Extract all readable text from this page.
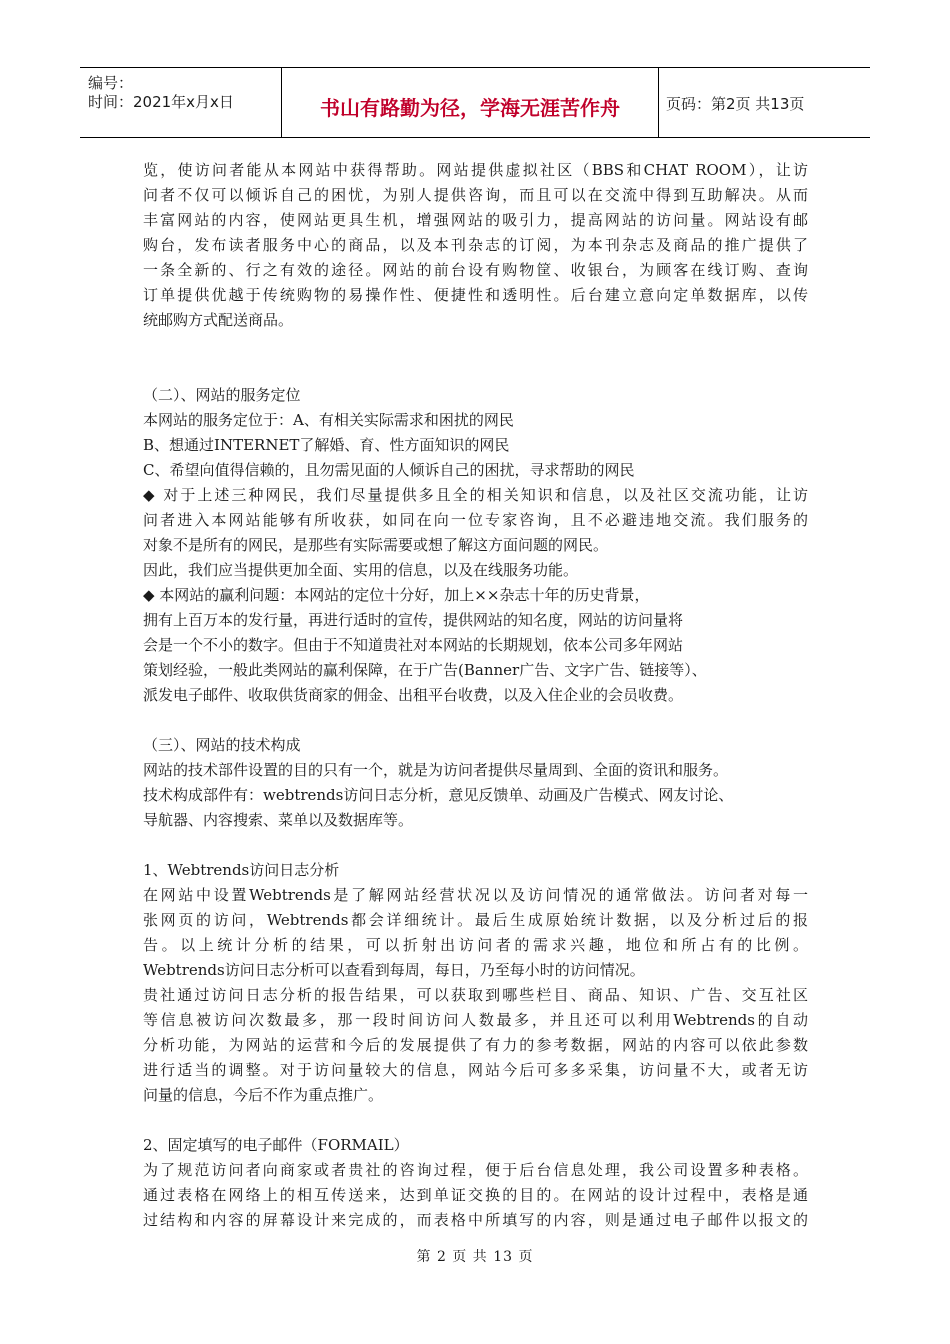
编号：
时间：2021年x月x日	书山有路勤为径，学海无涯苦作舟	页码：第2页 共13页
览，使访问者能从本网站中获得帮助。网站提供虚拟社区（BBS和CHAT ROOM），让访
问者不仅可以倾诉自己的困忧，为别人提供咨询，而且可以在交流中得到互助解决。从而
丰富网站的内容，使网站更具生机，增强网站的吸引力，提高网站的访问量。网站设有邮
购台，发布读者服务中心的商品，以及本刊杂志的订阅，为本刊杂志及商品的推广提供了
一条全新的、行之有效的途径。网站的前台设有购物筐、收银台，为顾客在线订购、查询
订单提供优越于传统购物的易操作性、便捷性和透明性。后台建立意向定单数据库，以传
统邮购方式配送商品。
（二）、网站的服务定位
本网站的服务定位于：A、有相关实际需求和困扰的网民
B、想通过INTERNET了解婚、育、性方面知识的网民
C、希望向值得信赖的，且勿需见面的人倾诉自己的困扰，寻求帮助的网民
◆ 对于上述三种网民，我们尽量提供多且全的相关知识和信息，以及社区交流功能，让访
问者进入本网站能够有所收获，如同在向一位专家咨询，且不必避违地交流。我们服务的
对象不是所有的网民，是那些有实际需要或想了解这方面问题的网民。
因此，我们应当提供更加全面、实用的信息，以及在线服务功能。
◆ 本网站的赢利问题：本网站的定位十分好，加上××杂志十年的历史背景，
拥有上百万本的发行量，再进行适时的宣传，提供网站的知名度，网站的访问量将
会是一个不小的数字。但由于不知道贵社对本网站的长期规划，依本公司多年网站
策划经验，一般此类网站的赢利保障，在于广告(Banner广告、文字广告、链接等）、
派发电子邮件、收取供货商家的佣金、出租平台收费，以及入住企业的会员收费。
（三）、网站的技术构成
网站的技术部件设置的目的只有一个，就是为访问者提供尽量周到、全面的资讯和服务。
技术构成部件有：webtrends访问日志分析，意见反馈单、动画及广告模式、网友讨论、
导航器、内容搜索、菜单以及数据库等。
1、Webtrends访问日志分析
在网站中设置Webtrends是了解网站经营状况以及访问情况的通常做法。访问者对每一
张网页的访问，Webtrends都会详细统计。最后生成原始统计数据，以及分析过后的报
告。以上统计分析的结果，可以折射出访问者的需求兴趣，地位和所占有的比例。
Webtrends访问日志分析可以查看到每周，每日，乃至每小时的访问情况。
贵社通过访问日志分析的报告结果，可以获取到哪些栏目、商品、知识、广告、交互社区
等信息被访问次数最多，那一段时间访问人数最多，并且还可以利用Webtrends的自动
分析功能，为网站的运营和今后的发展提供了有力的参考数据，网站的内容可以依此参数
进行适当的调整。对于访问量较大的信息，网站今后可多多采集，访问量不大，或者无访
问量的信息，今后不作为重点推广。
2、固定填写的电子邮件（FORMAIL）
为了规范访问者向商家或者贵社的咨询过程，便于后台信息处理，我公司设置多种表格。
通过表格在网络上的相互传送来，达到单证交换的目的。在网站的设计过程中，表格是通
过结构和内容的屏幕设计来完成的，而表格中所填写的内容，则是通过电子邮件以报文的
第 2 页 共 13 页
